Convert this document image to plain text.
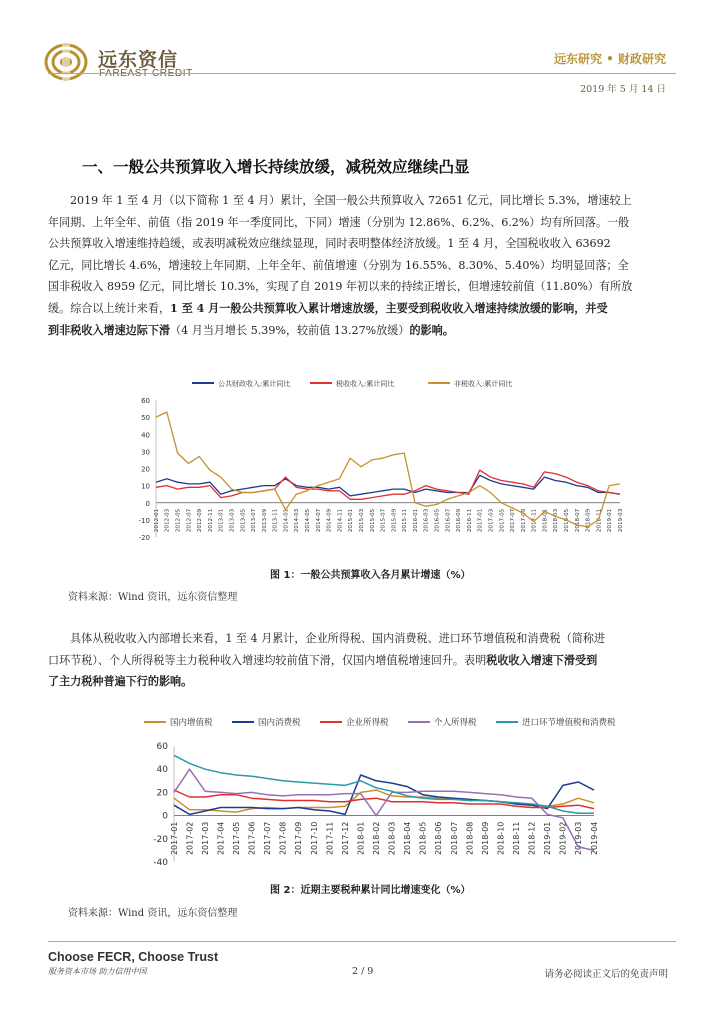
远东资信	远东研究 • 财政研究
2019 年 5 月 14 日
一、一般公共预算收入增长持续放缓，减税效应继续凸显
2019 年 1 至 4 月（以下简称 1 至 4 月）累计，全国一般公共预算收入 72651 亿元，同比增长 5.3%，增速较上
年同期、上年全年、前值（指 2019 年一季度同比，下同）增速（分别为 12.86%、6.2%、6.2%）均有所回落。一般
公共预算收入增速维持趋缓，或表明减税效应继续显现，同时表明整体经济放缓。1 至 4 月，全国税收收入 63692
亿元，同比增长 4.6%，增速较上年同期、上年全年、前值增速（分别为 16.55%、8.30%、5.40%）均明显回落；全
国非税收入 8959 亿元，同比增长 10.3%，实现了自 2019 年初以来的持续正增长，但增速较前值（11.80%）有所放
缓。综合以上统计来看，1 至 4 月一般公共预算收入累计增速放缓，主要受到税收收入增速持续放缓的影响，并受
到非税收入增速边际下滑（4 月当月增长 5.39%，较前值 13.27%放缓）的影响。
公共财政收入:累计同比	税收收入:累计同比	非税收入:累计同比
-20
-10
0
10
20
30
40
50
60
2012-01 2012-03 2012-05 2012-07 2012-09 2012-11 2013-01 2013-03 2013-05 2013-07 2013-09 2013-11 2014-01 2014-03 2014-05 2014-07 2014-09 2014-11 2015-01 2015-03 2015-05 2015-07 2015-09 2015-11 2016-01 2016-03 2016-05 2016-07 2016-09 2016-11 2017-01 2017-03 2017-05 2017-07 2017-09 2017-11 2018-01 2018-03 2018-05 2018-07 2018-09 2018-11 2019-01 2019-03
图 1：一般公共预算收入各月累计增速（%）
资料来源：Wind 资讯，远东资信整理
具体从税收收入内部增长来看，1 至 4 月累计，企业所得税、国内消费税、进口环节增值税和消费税（简称进
口环节税）、个人所得税等主力税种收入增速均较前值下滑，仅国内增值税增速回升。表明税收收入增速下滑受到
了主力税种普遍下行的影响。
国内增值税	国内消费税	企业所得税	个人所得税	进口环节增值税和消费税
-40
-20
0
20
40
60
2017-01 2017-02 2017-03 2017-04 2017-05 2017-06 2017-07 2017-08 2017-09 2017-10 2017-11 2017-12 2018-01 2018-02 2018-03 2018-04 2018-05 2018-06 2018-07 2018-08 2018-09 2018-10 2018-11 2018-12 2019-01 2019-02 2019-03 2019-04
图 2：近期主要税种累计同比增速变化（%）
资料来源：Wind 资讯，远东资信整理
Choose FECR, Choose Trust
服务资本市场 助力信用中国	2 / 9	请务必阅读正文后的免责声明
